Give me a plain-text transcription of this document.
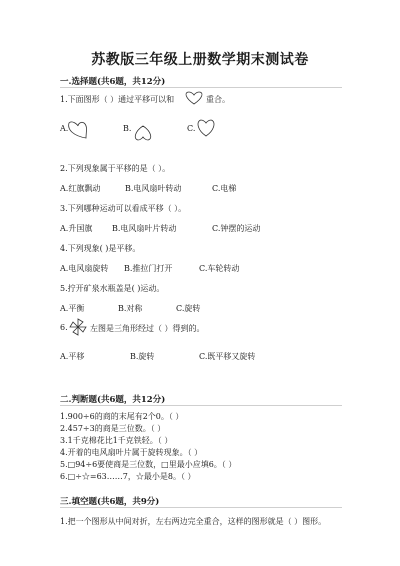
苏教版三年级上册数学期末测试卷
一.选择题(共6题，共12分)
1.下面图形（ ）通过平移可以和	重合。
A.	B.	C.
2.下列现象属于平移的是（ ）。
A.红旗飘动	B.电风扇叶转动	C.电梯
3.下列哪种运动可以看成平移（ ）。
A.升国旗 B.电风扇叶片转动	C.钟摆的运动
4.下列现象( )是平移。
A.电风扇旋转 B.推拉门打开	C.车轮转动
5.拧开矿泉水瓶盖是( )运动。
A.平衡	B.对称	C.旋转
6.	左图是三角形经过（ ）得到的。
A.平移	B.旋转	C.既平移又旋转
二.判断题(共6题，共12分)
1.900÷6的商的末尾有2个0。（ ）
2.457÷3的商是三位数。（ ）
3.1千克棉花比1千克铁轻。（ ）
4.开着的电风扇叶片属于旋转现象。（ ）
5.□94÷6要使商是三位数，□里最小应填6。（ ）
6.□÷☆=63……7，☆最小是8。（ ）
三.填空题(共6题，共9分)
1.把一个图形从中间对折，左右两边完全重合，这样的图形就是（ ）图形。
